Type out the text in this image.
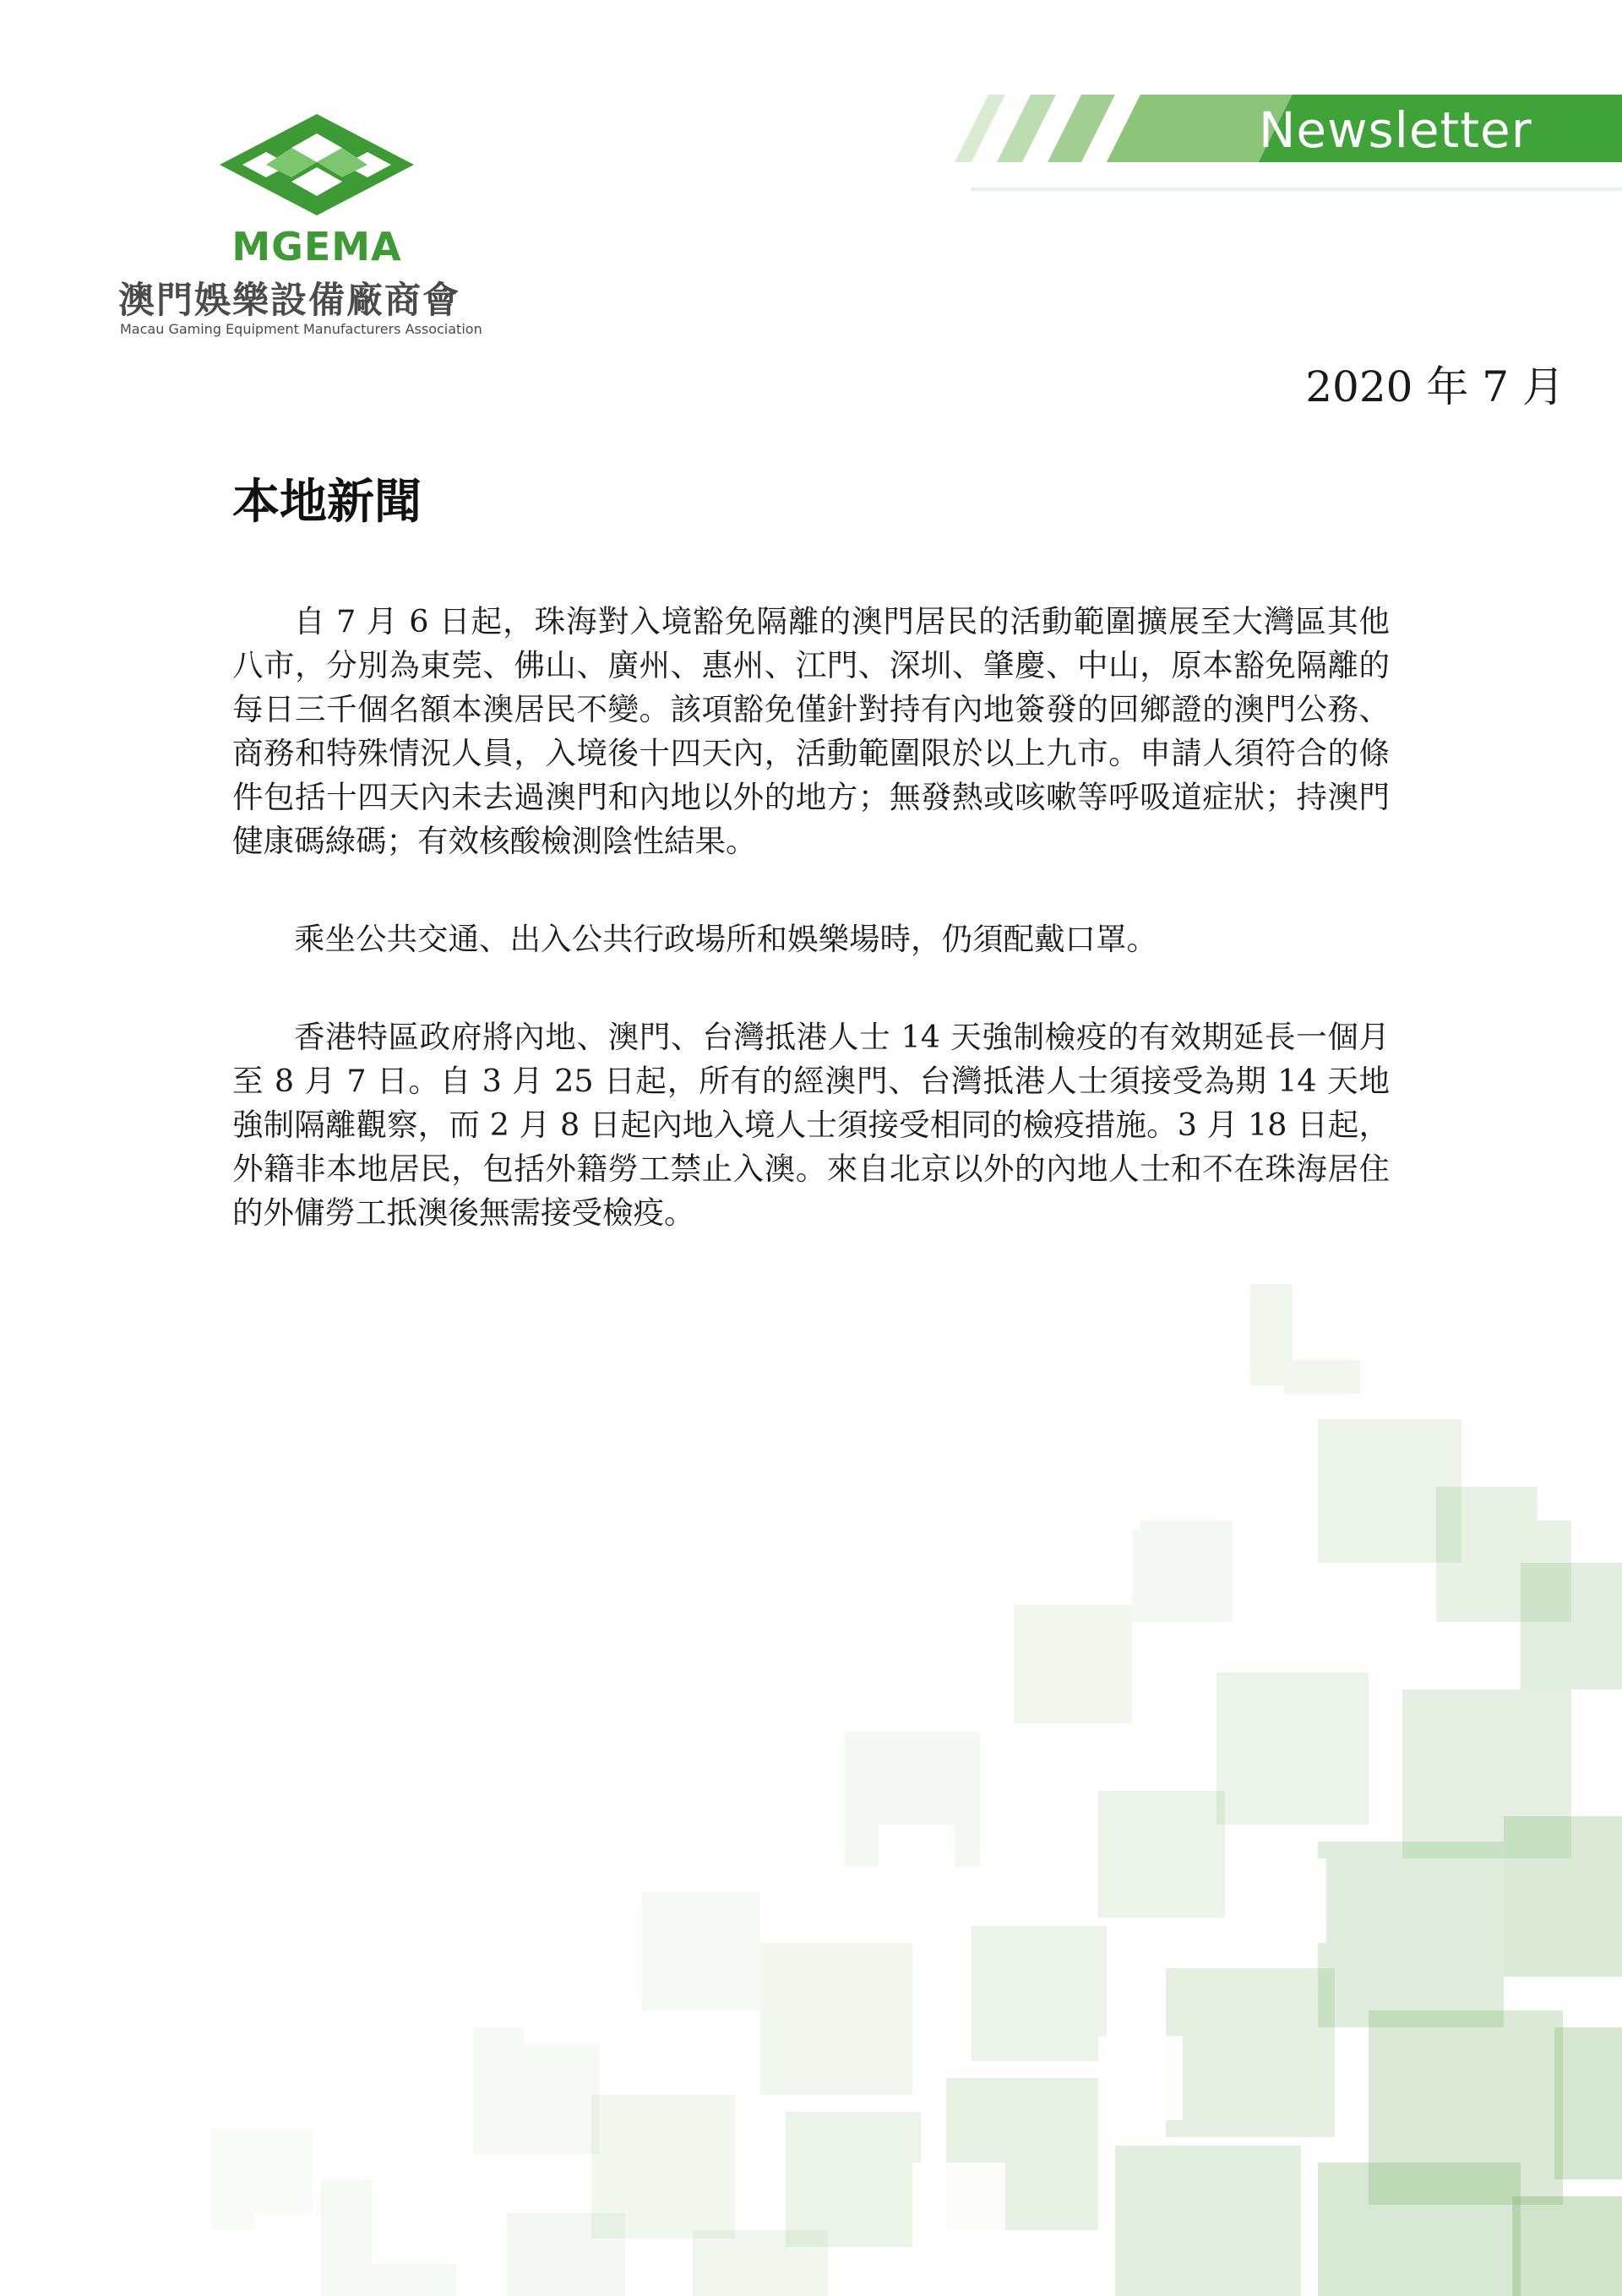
Newsletter
MGEMA
澳門娛樂設備廠商會
Macau Gaming Equipment Manufacturers Association
2020 年 7 月
本地新聞

自 7 月 6 日起，珠海對入境豁免隔離的澳門居民的活動範圍擴展至大灣區其他八市，分別為東莞、佛山、廣州、惠州、江門、深圳、肇慶、中山，原本豁免隔離的每日三千個名額本澳居民不變。該項豁免僅針對持有內地簽發的回鄉證的澳門公務、商務和特殊情況人員，入境後十四天內，活動範圍限於以上九市。申請人須符合的條件包括十四天內未去過澳門和內地以外的地方；無發熱或咳嗽等呼吸道症狀；持澳門健康碼綠碼；有效核酸檢測陰性結果。

乘坐公共交通、出入公共行政場所和娛樂場時，仍須配戴口罩。

香港特區政府將內地、澳門、台灣抵港人士 14 天強制檢疫的有效期延長一個月至 8 月 7 日。自 3 月 25 日起，所有的經澳門、台灣抵港人士須接受為期 14 天地強制隔離觀察，而 2 月 8 日起內地入境人士須接受相同的檢疫措施。3 月 18 日起，外籍非本地居民，包括外籍勞工禁止入澳。來自北京以外的內地人士和不在珠海居住的外傭勞工抵澳後無需接受檢疫。
